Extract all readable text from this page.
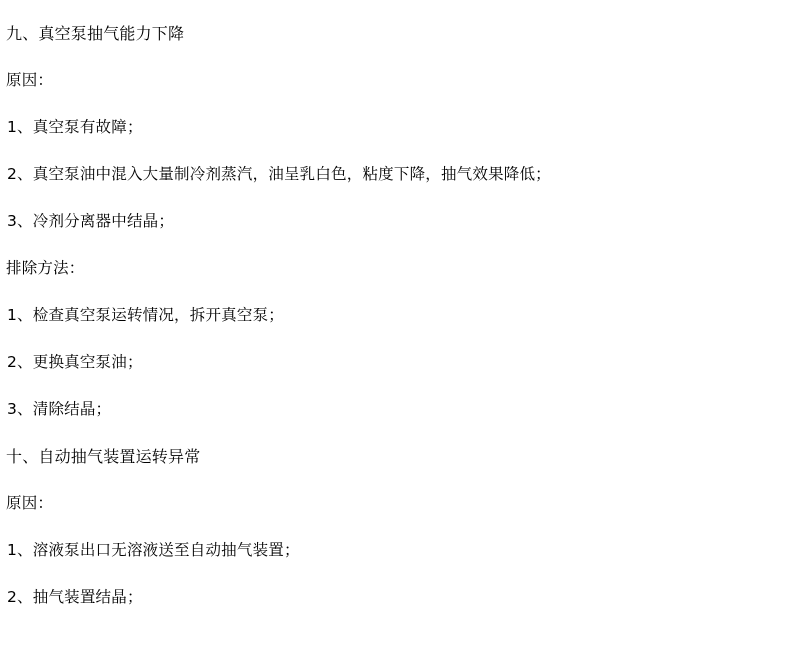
九、真空泵抽气能力下降
原因：
1、真空泵有故障；
2、真空泵油中混入大量制冷剂蒸汽，油呈乳白色，粘度下降，抽气效果降低；
3、冷剂分离器中结晶；
排除方法：
1、检查真空泵运转情况，拆开真空泵；
2、更换真空泵油；
3、清除结晶；
十、自动抽气装置运转异常
原因：
1、溶液泵出口无溶液送至自动抽气装置；
2、抽气装置结晶；
